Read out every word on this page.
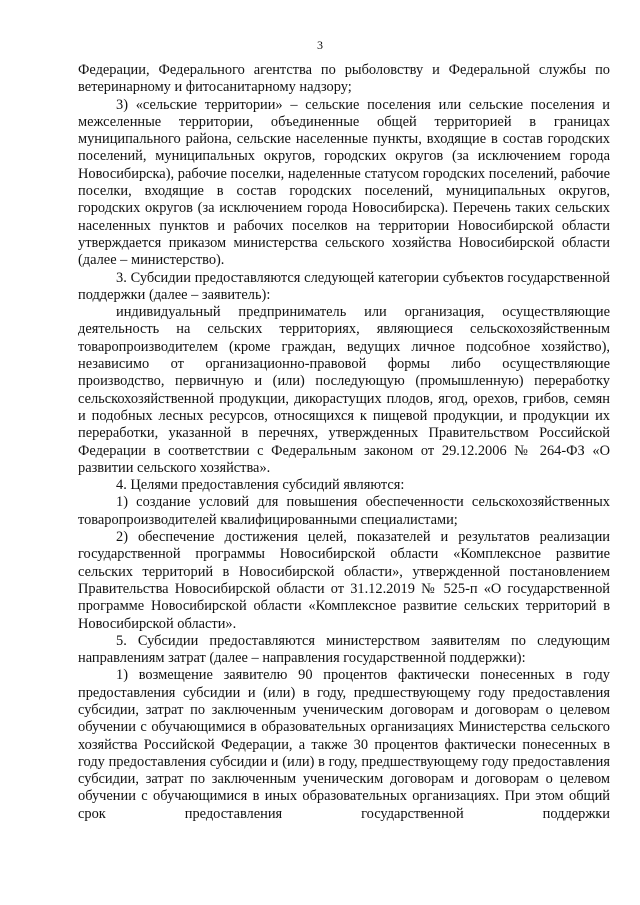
3

Федерации, Федерального агентства по рыболовству и Федеральной службы по ветеринарному и фитосанитарному надзору;

3) «сельские территории» – сельские поселения или сельские поселения и межселенные территории, объединенные общей территорией в границах муниципального района, сельские населенные пункты, входящие в состав городских поселений, муниципальных округов, городских округов (за исключением города Новосибирска), рабочие поселки, наделенные статусом городских поселений, рабочие поселки, входящие в состав городских поселений, муниципальных округов, городских округов (за исключением города Новосибирска). Перечень таких сельских населенных пунктов и рабочих поселков на территории Новосибирской области утверждается приказом министерства сельского хозяйства Новосибирской области (далее – министерство).

3. Субсидии предоставляются следующей категории субъектов государственной поддержки (далее – заявитель):

индивидуальный предприниматель или организация, осуществляющие деятельность на сельских территориях, являющиеся сельскохозяйственным товаропроизводителем (кроме граждан, ведущих личное подсобное хозяйство), независимо от организационно-правовой формы либо осуществляющие производство, первичную и (или) последующую (промышленную) переработку сельскохозяйственной продукции, дикорастущих плодов, ягод, орехов, грибов, семян и подобных лесных ресурсов, относящихся к пищевой продукции, и продукции их переработки, указанной в перечнях, утвержденных Правительством Российской Федерации в соответствии с Федеральным законом от 29.12.2006 № 264-ФЗ «О развитии сельского хозяйства».

4. Целями предоставления субсидий являются:

1) создание условий для повышения обеспеченности сельскохозяйственных товаропроизводителей квалифицированными специалистами;

2) обеспечение достижения целей, показателей и результатов реализации государственной программы Новосибирской области «Комплексное развитие сельских территорий в Новосибирской области», утвержденной постановлением Правительства Новосибирской области от 31.12.2019 № 525-п «О государственной программе Новосибирской области «Комплексное развитие сельских территорий в Новосибирской области».

5. Субсидии предоставляются министерством заявителям по следующим направлениям затрат (далее – направления государственной поддержки):

1) возмещение заявителю 90 процентов фактически понесенных в году предоставления субсидии и (или) в году, предшествующему году предоставления субсидии, затрат по заключенным ученическим договорам и договорам о целевом обучении с обучающимися в образовательных организациях Министерства сельского хозяйства Российской Федерации, а также 30 процентов фактически понесенных в году предоставления субсидии и (или) в году, предшествующему году предоставления субсидии, затрат по заключенным ученическим договорам и договорам о целевом обучении с обучающимися в иных образовательных организациях. При этом общий срок предоставления государственной поддержки
